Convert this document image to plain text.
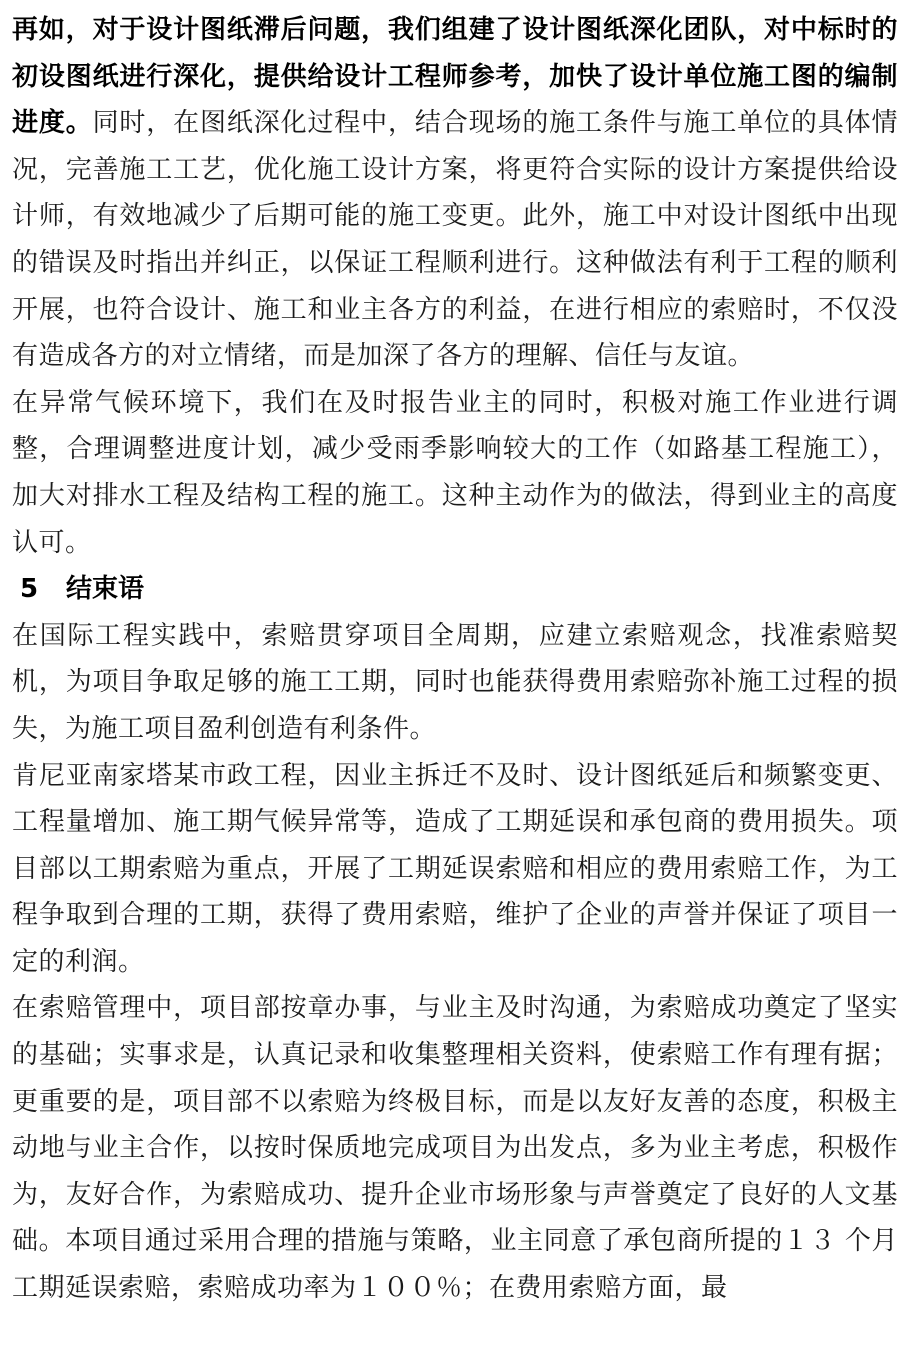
再如，对于设计图纸滞后问题，我们组建了设计图纸深化团队，对中标时的初设图纸进行深化，提供给设计工程师参考，加快了设计单位施工图的编制进度。同时，在图纸深化过程中，结合现场的施工条件与施工单位的具体情况，完善施工工艺，优化施工设计方案，将更符合实际的设计方案提供给设计师，有效地减少了后期可能的施工变更。此外，施工中对设计图纸中出现的错误及时指出并纠正，以保证工程顺利进行。这种做法有利于工程的顺利开展，也符合设计、施工和业主各方的利益，在进行相应的索赔时，不仅没有造成各方的对立情绪，而是加深了各方的理解、信任与友谊。

在异常气候环境下，我们在及时报告业主的同时，积极对施工作业进行调整，合理调整进度计划，减少受雨季影响较大的工作（如路基工程施工），加大对排水工程及结构工程的施工。这种主动作为的做法，得到业主的高度认可。

5 结束语

在国际工程实践中，索赔贯穿项目全周期，应建立索赔观念，找准索赔契机，为项目争取足够的施工工期，同时也能获得费用索赔弥补施工过程的损失，为施工项目盈利创造有利条件。

肯尼亚南家塔某市政工程，因业主拆迁不及时、设计图纸延后和频繁变更、工程量增加、施工期气候异常等，造成了工期延误和承包商的费用损失。项目部以工期索赔为重点，开展了工期延误索赔和相应的费用索赔工作，为工程争取到合理的工期，获得了费用索赔，维护了企业的声誉并保证了项目一定的利润。

在索赔管理中，项目部按章办事，与业主及时沟通，为索赔成功奠定了坚实的基础；实事求是，认真记录和收集整理相关资料，使索赔工作有理有据；更重要的是，项目部不以索赔为终极目标，而是以友好友善的态度，积极主动地与业主合作，以按时保质地完成项目为出发点，多为业主考虑，积极作为，友好合作，为索赔成功、提升企业市场形象与声誉奠定了良好的人文基础。本项目通过采用合理的措施与策略，业主同意了承包商所提的１３ 个月工期延误索赔，索赔成功率为１００％；在费用索赔方面，最
